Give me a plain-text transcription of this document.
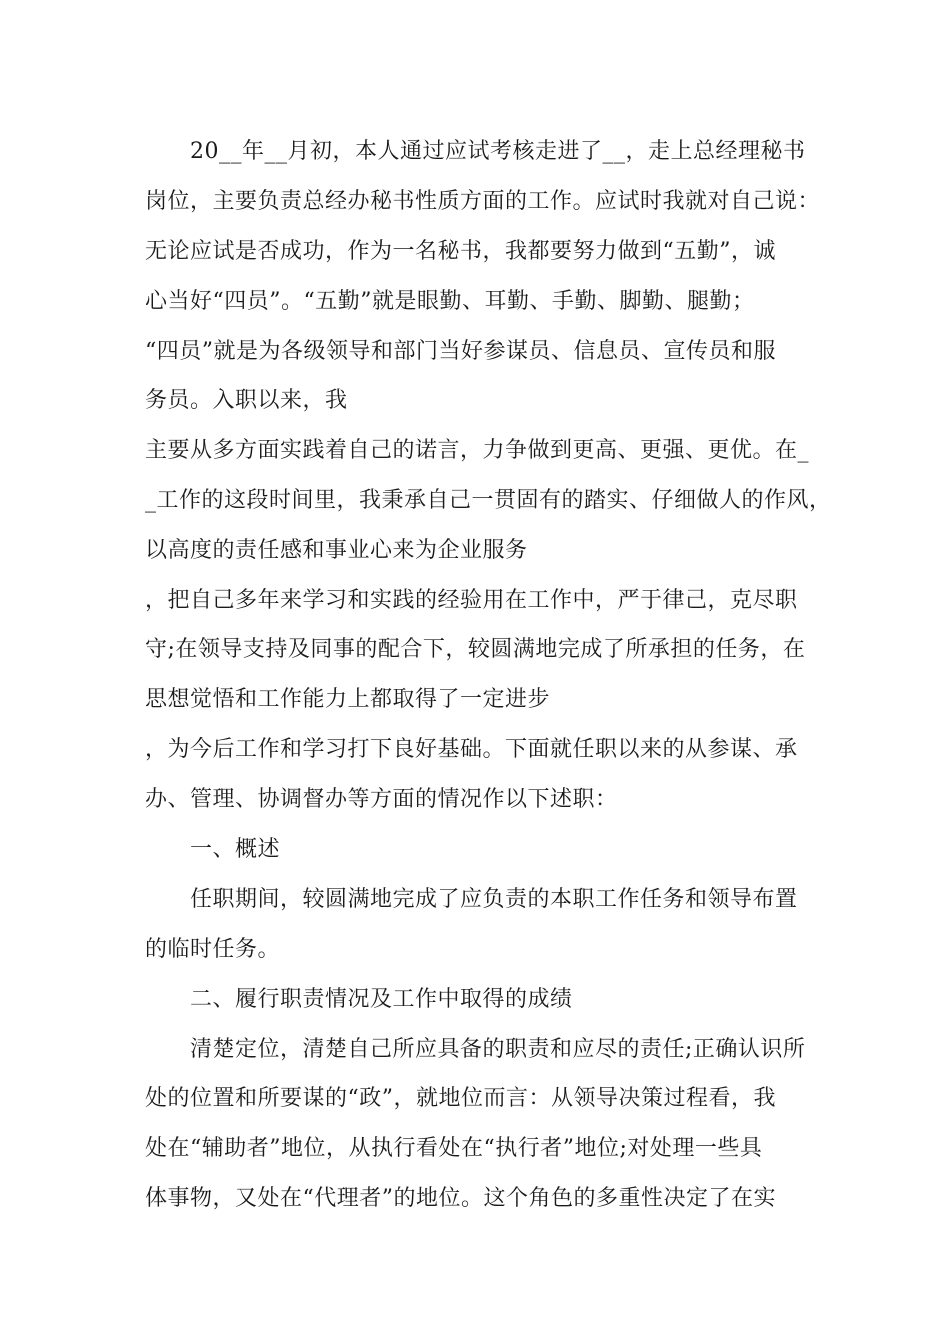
20__年__月初，本人通过应试考核走进了__，走上总经理秘书
岗位，主要负责总经办秘书性质方面的工作。应试时我就对自己说：
无论应试是否成功，作为一名秘书，我都要努力做到“五勤”，诚
心当好“四员”。“五勤”就是眼勤、耳勤、手勤、脚勤、腿勤；
“四员”就是为各级领导和部门当好参谋员、信息员、宣传员和服
务员。入职以来，我
主要从多方面实践着自己的诺言，力争做到更高、更强、更优。在_
_工作的这段时间里，我秉承自己一贯固有的踏实、仔细做人的作风，
以高度的责任感和事业心来为企业服务
，把自己多年来学习和实践的经验用在工作中，严于律己，克尽职
守;在领导支持及同事的配合下，较圆满地完成了所承担的任务，在
思想觉悟和工作能力上都取得了一定进步
，为今后工作和学习打下良好基础。下面就任职以来的从参谋、承
办、管理、协调督办等方面的情况作以下述职：
一、概述
任职期间，较圆满地完成了应负责的本职工作任务和领导布置
的临时任务。
二、履行职责情况及工作中取得的成绩
清楚定位，清楚自己所应具备的职责和应尽的责任;正确认识所
处的位置和所要谋的“政”，就地位而言：从领导决策过程看，我
处在“辅助者”地位，从执行看处在“执行者”地位;对处理一些具
体事物，又处在“代理者”的地位。这个角色的多重性决定了在实
